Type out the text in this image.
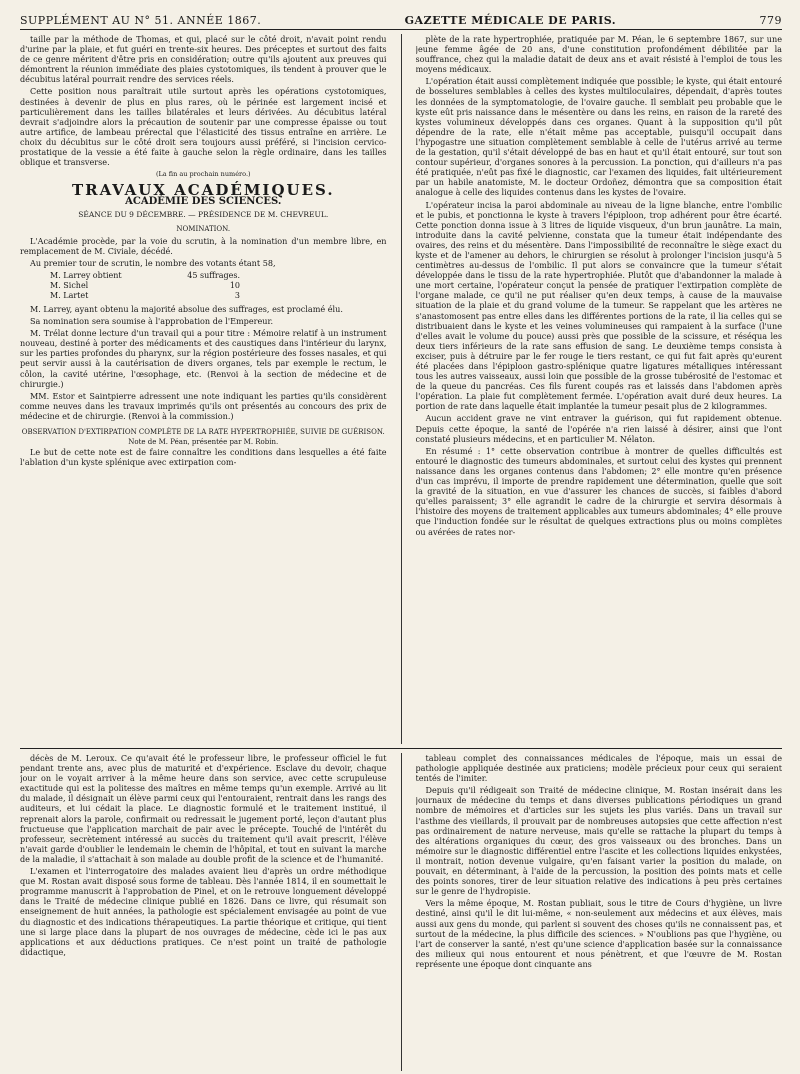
SUPPLÉMENT AU N° 51. ANNÉE 1867.	GAZETTE MÉDICALE DE PARIS.	779

taille par la méthode de Thomas, et qui, placé sur le côté droit, n'avait point rendu d'urine par la plaie, et fut guéri en trente-six heures. Des préceptes et surtout des faits de ce genre méritent d'être pris en considération; outre qu'ils ajoutent aux preuves qui démontrent la réunion immédiate des plaies cystotomiques, ils tendent à prouver que le décubitus latéral pourrait rendre des services réels.

Cette position nous paraîtrait utile surtout après les opérations cystotomiques, destinées à devenir de plus en plus rares, où le périnée est largement incisé et particulièrement dans les tailles bilatérales et leurs dérivées. Au décubitus latéral devrait s'adjoindre alors la précaution de soutenir par une compresse épaisse ou tout autre artifice, de lambeau prérectal que l'élasticité des tissus entraîne en arrière. Le choix du décubitus sur le côté droit sera toujours aussi préféré, si l'incision cervico-prostatique de la vessie a été faite à gauche selon la règle ordinaire, dans les tailles oblique et transverse.

(La fin au prochain numéro.)
TRAVAUX ACADÉMIQUES.
ACADÉMIE DES SCIENCES.
SÉANCE DU 9 DÉCEMBRE. — PRÉSIDENCE DE M. CHEVREUL.
NOMINATION.

L'Académie procède, par la voie du scrutin, à la nomination d'un membre libre, en remplacement de M. Civiale, décédé.

Au premier tour de scrutin, le nombre des votants étant 58,

M. Larrey obtient	45 suffrages.
M. Sichel	10
M. Lartet	3

M. Larrey, ayant obtenu la majorité absolue des suffrages, est proclamé élu.

Sa nomination sera soumise à l'approbation de l'Empereur.

M. Trélat donne lecture d'un travail qui a pour titre : Mémoire relatif à un instrument nouveau, destiné à porter des médicaments et des caustiques dans l'intérieur du larynx, sur les parties profondes du pharynx, sur la région postérieure des fosses nasales, et qui peut servir aussi à la cautérisation de divers organes, tels par exemple le rectum, le côlon, la cavité utérine, l'œsophage, etc. (Renvoi à la section de médecine et de chirurgie.)

MM. Estor et Saintpierre adressent une note indiquant les parties qu'ils considèrent comme neuves dans les travaux imprimés qu'ils ont présentés au concours des prix de médecine et de chirurgie. (Renvoi à la commission.)

OBSERVATION D'EXTIRPATION COMPLÈTE DE LA RATE HYPERTROPHIÉE, SUIVIE DE GUÉRISON. Note de M. Péan, présentée par M. Robin.

Le but de cette note est de faire connaître les conditions dans lesquelles a été faite l'ablation d'un kyste splénique avec extirpation com-

plète de la rate hypertrophiée, pratiquée par M. Péan, le 6 septembre 1867, sur une jeune femme âgée de 20 ans, d'une constitution profondément débilitée par la souffrance, chez qui la maladie datait de deux ans et avait résisté à l'emploi de tous les moyens médicaux.

L'opération était aussi complètement indiquée que possible; le kyste, qui était entouré de bosselures semblables à celles des kystes multiloculaires, dépendait, d'après toutes les données de la symptomatologie, de l'ovaire gauche. Il semblait peu probable que le kyste eût pris naissance dans le mésentère ou dans les reins, en raison de la rareté des kystes volumineux développés dans ces organes. Quant à la supposition qu'il pût dépendre de la rate, elle n'était même pas acceptable, puisqu'il occupait dans l'hypogastre une situation complètement semblable à celle de l'utérus arrivé au terme de la gestation, qu'il s'était développé de bas en haut et qu'il était entouré, sur tout son contour supérieur, d'organes sonores à la percussion. La ponction, qui d'ailleurs n'a pas été pratiquée, n'eût pas fixé le diagnostic, car l'examen des liquides, fait ultérieurement par un habile anatomiste, M. le docteur Ordoñez, démontra que sa composition était analogue à celle des liquides contenus dans les kystes de l'ovaire.

L'opérateur incisa la paroi abdominale au niveau de la ligne blanche, entre l'ombilic et le pubis, et ponctionna le kyste à travers l'épiploon, trop adhérent pour être écarté. Cette ponction donna issue à 3 litres de liquide visqueux, d'un brun jaunâtre. La main, introduite dans la cavité pelvienne, constata que la tumeur était indépendante des ovaires, des reins et du mésentère. Dans l'impossibilité de reconnaître le siège exact du kyste et de l'amener au dehors, le chirurgien se résolut à prolonger l'incision jusqu'à 5 centimètres au-dessus de l'ombilic. Il put alors se convaincre que la tumeur s'était développée dans le tissu de la rate hypertrophiée. Plutôt que d'abandonner la malade à une mort certaine, l'opérateur conçut la pensée de pratiquer l'extirpation complète de l'organe malade, ce qu'il ne put réaliser qu'en deux temps, à cause de la mauvaise situation de la plaie et du grand volume de la tumeur. Se rappelant que les artères ne s'anastomosent pas entre elles dans les différentes portions de la rate, il lia celles qui se distribuaient dans le kyste et les veines volumineuses qui rampaient à la surface (l'une d'elles avait le volume du pouce) aussi près que possible de la scissure, et réséqua les deux tiers inférieurs de la rate sans effusion de sang. Le deuxième temps consista à exciser, puis à détruire par le fer rouge le tiers restant, ce qui fut fait après qu'eurent été placées dans l'épiploon gastro-splénique quatre ligatures métalliques intéressant tous les autres vaisseaux, aussi loin que possible de la grosse tubérosité de l'estomac et de la queue du pancréas. Ces fils furent coupés ras et laissés dans l'abdomen après l'opération. La plaie fut complètement fermée. L'opération avait duré deux heures. La portion de rate dans laquelle était implantée la tumeur pesait plus de 2 kilogrammes.

Aucun accident grave ne vint entraver la guérison, qui fut rapidement obtenue. Depuis cette époque, la santé de l'opérée n'a rien laissé à désirer, ainsi que l'ont constaté plusieurs médecins, et en particulier M. Nélaton.

En résumé : 1° cette observation contribue à montrer de quelles difficultés est entouré le diagnostic des tumeurs abdominales, et surtout celui des kystes qui prennent naissance dans les organes contenus dans l'abdomen; 2° elle montre qu'en présence d'un cas imprévu, il importe de prendre rapidement une détermination, quelle que soit la gravité de la situation, en vue d'assurer les chances de succès, si faibles d'abord qu'elles paraissent; 3° elle agrandit le cadre de la chirurgie et servira désormais à l'histoire des moyens de traitement applicables aux tumeurs abdominales; 4° elle prouve que l'induction fondée sur le résultat de quelques extractions plus ou moins complètes ou avérées de rates nor-

décès de M. Leroux. Ce qu'avait été le professeur libre, le professeur officiel le fut pendant trente ans, avec plus de maturité et d'expérience. Esclave du devoir, chaque jour on le voyait arriver à la même heure dans son service, avec cette scrupuleuse exactitude qui est la politesse des maîtres en même temps qu'un exemple. Arrivé au lit du malade, il désignait un élève parmi ceux qui l'entouraient, rentrait dans les rangs des auditeurs, et lui cédait la place. Le diagnostic formulé et le traitement institué, il reprenait alors la parole, confirmait ou redressait le jugement porté, leçon d'autant plus fructueuse que l'application marchait de pair avec le précepte. Touché de l'intérêt du professeur, secrètement intéressé au succès du traitement qu'il avait prescrit, l'élève n'avait garde d'oublier le lendemain le chemin de l'hôpital, et tout en suivant la marche de la maladie, il s'attachait à son malade au double profit de la science et de l'humanité.

L'examen et l'interrogatoire des malades avaient lieu d'après un ordre méthodique que M. Rostan avait disposé sous forme de tableau. Dès l'année 1814, il en soumettait le programme manuscrit à l'approbation de Pinel, et on le retrouve longuement développé dans le Traité de médecine clinique publié en 1826. Dans ce livre, qui résumait son enseignement de huit années, la pathologie est spécialement envisagée au point de vue du diagnostic et des indications thérapeutiques. La partie théorique et critique, qui tient une si large place dans la plupart de nos ouvrages de médecine, cède ici le pas aux applications et aux déductions pratiques. Ce n'est point un traité de pathologie didactique,

tableau complet des connaissances médicales de l'époque, mais un essai de pathologie appliquée destinée aux praticiens; modèle précieux pour ceux qui seraient tentés de l'imiter.

Depuis qu'il rédigeait son Traité de médecine clinique, M. Rostan insérait dans les journaux de médecine du temps et dans diverses publications périodiques un grand nombre de mémoires et d'articles sur les sujets les plus variés. Dans un travail sur l'asthme des vieillards, il prouvait par de nombreuses autopsies que cette affection n'est pas ordinairement de nature nerveuse, mais qu'elle se rattache la plupart du temps à des altérations organiques du cœur, des gros vaisseaux ou des bronches. Dans un mémoire sur le diagnostic différentiel entre l'ascite et les collections liquides enkystées, il montrait, notion devenue vulgaire, qu'en faisant varier la position du malade, on pouvait, en déterminant, à l'aide de la percussion, la position des points mats et celle des points sonores, tirer de leur situation relative des indications à peu près certaines sur le genre de l'hydropisie.

Vers la même époque, M. Rostan publiait, sous le titre de Cours d'hygiène, un livre destiné, ainsi qu'il le dit lui-même, « non-seulement aux médecins et aux élèves, mais aussi aux gens du monde, qui parlent si souvent des choses qu'ils ne connaissent pas, et surtout de la médecine, la plus difficile des sciences. » N'oublions pas que l'hygiène, ou l'art de conserver la santé, n'est qu'une science d'application basée sur la connaissance des milieux qui nous entourent et nous pénètrent, et que l'œuvre de M. Rostan représente une époque dont cinquante ans
